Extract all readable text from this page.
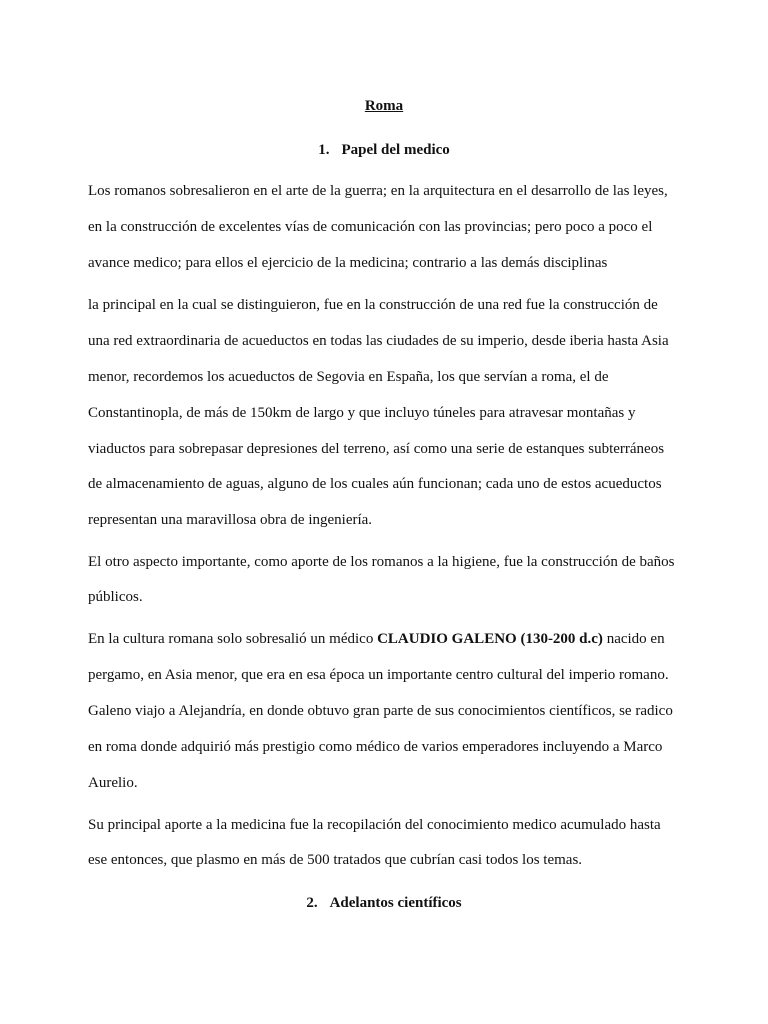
Roma
1. Papel del medico
Los romanos sobresalieron en el arte de la guerra; en la arquitectura en el desarrollo de las leyes,
en la construcción de excelentes vías de comunicación con las provincias; pero poco a poco el
avance medico; para ellos el ejercicio de la medicina; contrario a las demás disciplinas
la principal en la cual se distinguieron, fue en la construcción de una red fue la construcción de
una red extraordinaria de acueductos en todas las ciudades de su imperio, desde iberia hasta Asia
menor, recordemos los acueductos de Segovia en España, los que servían a roma, el de
Constantinopla, de más de 150km de largo y que incluyo túneles para atravesar montañas y
viaductos para sobrepasar depresiones del terreno, así como una serie de estanques subterráneos
de almacenamiento de aguas, alguno de los cuales aún funcionan; cada uno de estos acueductos
representan una maravillosa obra de ingeniería.
El otro aspecto importante, como aporte de los romanos a la higiene, fue la construcción de baños
públicos.
En la cultura romana solo sobresalió un médico CLAUDIO GALENO (130-200 d.c) nacido en
pergamo, en Asia menor, que era en esa época un importante centro cultural del imperio romano.
Galeno viajo a Alejandría, en donde obtuvo gran parte de sus conocimientos científicos, se radico
en roma donde adquirió más prestigio como médico de varios emperadores incluyendo a Marco
Aurelio.
Su principal aporte a la medicina fue la recopilación del conocimiento medico acumulado hasta
ese entonces, que plasmo en más de 500 tratados que cubrían casi todos los temas.
2. Adelantos científicos
